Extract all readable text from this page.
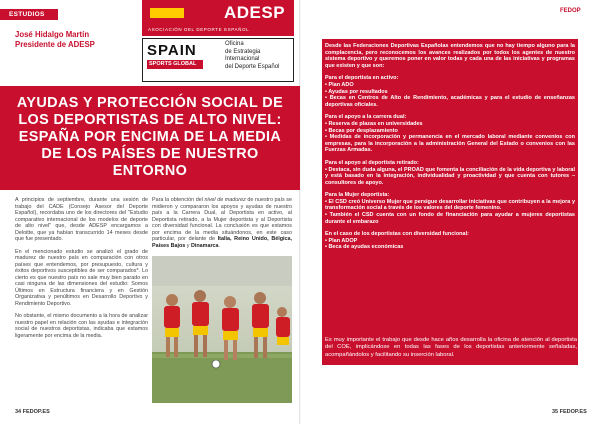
ESTUDIOS
José Hidalgo Martín
Presidente de ADESP
ADESP
ASOCIACIÓN DEL DEPORTE ESPAÑOL
SPAIN
SPORTS GLOBAL
Oficina
de Estrategia
Internacional
del Deporte Español
FEDOP
AYUDAS Y PROTECCIÓN SOCIAL DE LOS DEPORTISTAS DE ALTO NIVEL: ESPAÑA POR ENCIMA DE LA MEDIA DE LOS PAÍSES DE NUESTRO ENTORNO

A principios de septiembre, durante una sesión de trabajo del CADE (Consejo Asesor del Deporte Español), recordaba uno de los directores del "Estudio comparativo internacional de los modelos de deporte de alto nivel" que, desde ADESP encargamos a Deloitte, que ya habían transcurrido 14 meses desde que fue presentado.

En el mencionado estudio se analizó el grado de madurez de nuestro país en comparación con otros países que entendemos, por presupuesto, cultura y éxitos deportivos susceptibles de ser comparados*. Lo cierto es que nuestro país no sale muy bien parado en casi ninguna de las dimensiones del estudio: Somos Últimos en Estructura financiera y en Gestión Organizativa y penúltimos en Desarrollo Deportivo y Rendimiento Deportivo.

No obstante, el mismo documento a la hora de analizar nuestro papel en relación con las ayudas e integración social de nuestros deportistas, indicaba que estamos ligeramente por encima de la media.

Para la obtención del nivel de madurez de nuestro país se midieron y compararon los apoyos y ayudas de nuestro país a la Carrera Dual, al Deportista en activo, al Deportista retirado, a la Mujer deportista y al Deportista con diversidad funcional. La conclusión es que estamos por encima de la media situándonos, en este caso particular, por delante de Italia, Reino Unido, Bélgica, Países Bajos y Dinamarca.
Desde las Federaciones Deportivas Españolas entendemos que no hay tiempo alguno para la complacencia, pero reconocemos los avances realizados por todos los agentes de nuestro sistema deportivo y queremos poner en valor todas y cada una de las iniciativas y programas que existen y que son:
Para el deportista en activo:
• Plan ADO
• Ayudas por resultados
• Becas en Centros de Alto de Rendimiento, académicas y para el estudio de enseñanzas deportivas oficiales.
Para el apoyo a la carrera dual:
• Reserva de plazas en universidades
• Becas por desplazamiento
• Medidas de incorporación y permanencia en el mercado laboral mediante convenios con empresas, para la incorporación a la administración General del Estado o convenios con las Fuerzas Armadas.
Para el apoyo al deportista retirado:
• Destaca, sin duda alguna, el PROAD que fomenta la conciliación de la vida deportiva y laboral y está basado en la integración, individualidad y proactividad y que cuenta con tutores – consultores de apoyo.
Para la Mujer deportista:
• El CSD creó Universo Mujer que persigue desarrollar iniciativas que contribuyen a la mejora y transformación social a través de los valores del deporte femenino.
• También el CSD cuenta con un fondo de financiación para ayudar a mujeres deportistas durante el embarazo
En el caso de los deportistas con diversidad funcional:
• Plan ADOP
• Beca de ayudas económicas
Es muy importante el trabajo que desde hace años desarrolla la oficina de atención al deportista del COE, implicándose en todas las fases de los deportistas anteriormente señaladas, acompañándolos y facilitando su inserción laboral.
34 FEDOP.ES	35 FEDOP.ES
